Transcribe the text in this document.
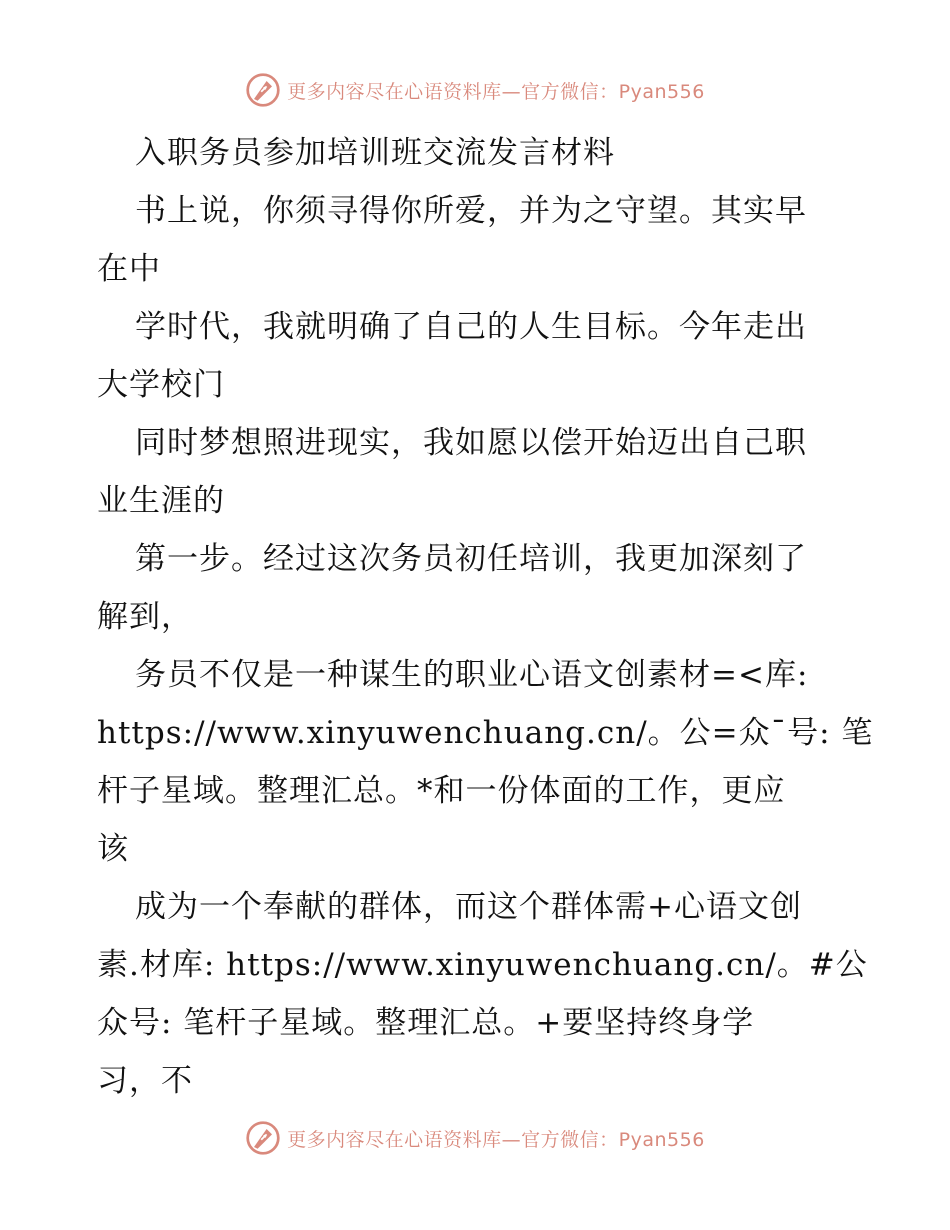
更多内容尽在心语资料库—官方微信：Pyan556
入职务员参加培训班交流发言材料
书上说，你须寻得你所爱，并为之守望。其实早
在中
学时代，我就明确了自己的人生目标。今年走出
大学校门
同时梦想照进现实，我如愿以偿开始迈出自己职
业生涯的
第一步。经过这次务员初任培训，我更加深刻了
解到，
务员不仅是一种谋生的职业心语文创素材=<库:
https://www.xinyuwenchuang.cn/。公=众¯号: 笔
杆子星域。整理汇总。*和一份体面的工作，更应
该
成为一个奉献的群体，而这个群体需+心语文创
素.材库: https://www.xinyuwenchuang.cn/。#公
众号: 笔杆子星域。整理汇总。+要坚持终身学
习，不
更多内容尽在心语资料库—官方微信：Pyan556
